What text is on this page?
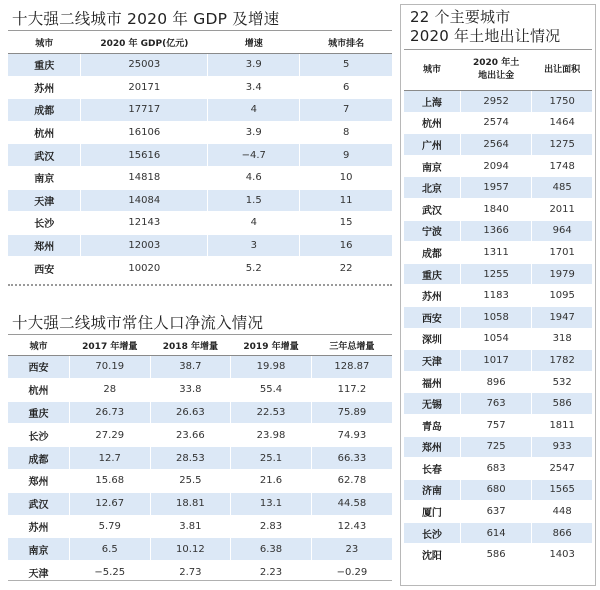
十大强二线城市 2020 年 GDP 及增速
城市	2020 年 GDP(亿元)	增速	城市排名
重庆	25003	3.9	5
苏州	20171	3.4	6
成都	17717	4	7
杭州	16106	3.9	8
武汉	15616	−4.7	9
南京	14818	4.6	10
天津	14084	1.5	11
长沙	12143	4	15
郑州	12003	3	16
西安	10020	5.2	22
十大强二线城市常住人口净流入情况
城市	2017 年增量	2018 年增量	2019 年增量	三年总增量
西安	70.19	38.7	19.98	128.87
杭州	28	33.8	55.4	117.2
重庆	26.73	26.63	22.53	75.89
长沙	27.29	23.66	23.98	74.93
成都	12.7	28.53	25.1	66.33
郑州	15.68	25.5	21.6	62.78
武汉	12.67	18.81	13.1	44.58
苏州	5.79	3.81	2.83	12.43
南京	6.5	10.12	6.38	23
天津	−5.25	2.73	2.23	−0.29
22 个主要城市
2020 年土地出让情况
城市	2020 年土地出让金	出让面积
上海	2952	1750
杭州	2574	1464
广州	2564	1275
南京	2094	1748
北京	1957	485
武汉	1840	2011
宁波	1366	964
成都	1311	1701
重庆	1255	1979
苏州	1183	1095
西安	1058	1947
深圳	1054	318
天津	1017	1782
福州	896	532
无锡	763	586
青岛	757	1811
郑州	725	933
长春	683	2547
济南	680	1565
厦门	637	448
长沙	614	866
沈阳	586	1403
